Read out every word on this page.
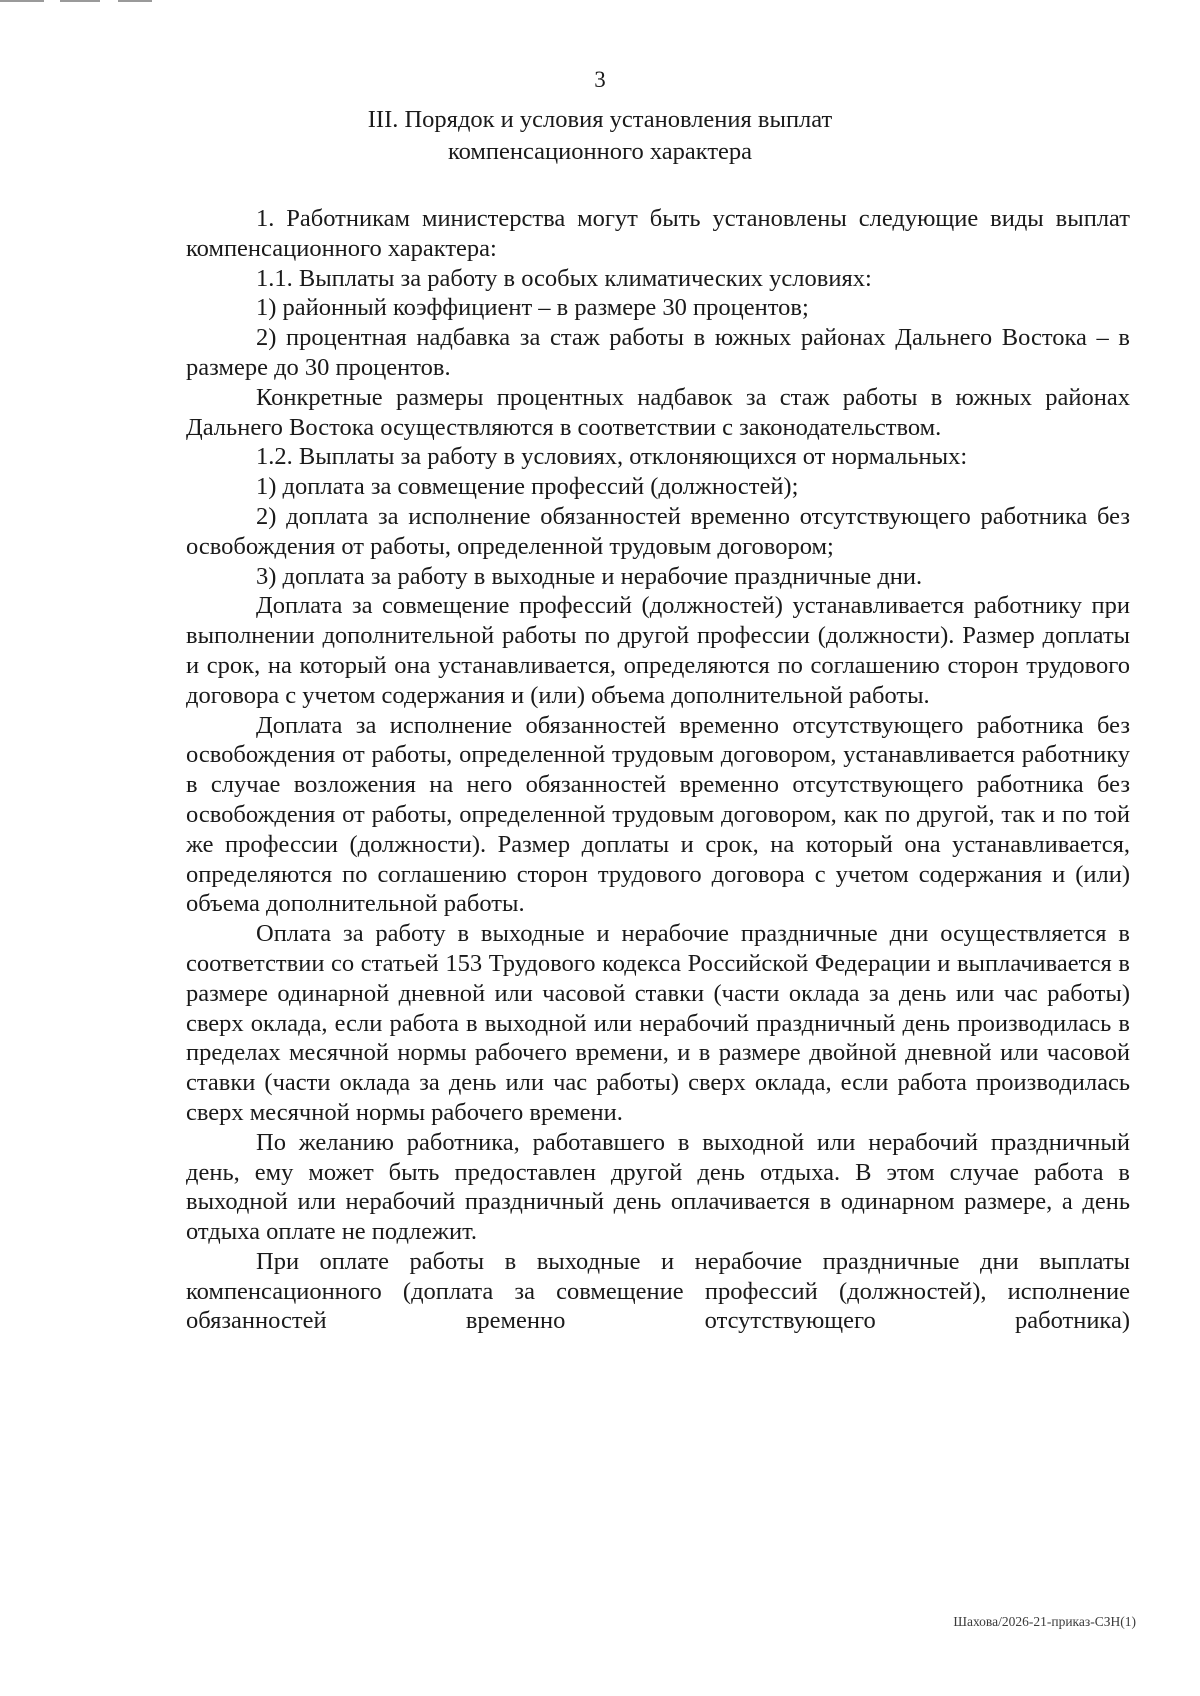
3
III. Порядок и условия установления выплат
компенсационного характера

1. Работникам министерства могут быть установлены следующие виды выплат компенсационного характера:

1.1. Выплаты за работу в особых климатических условиях:

1) районный коэффициент – в размере 30 процентов;

2) процентная надбавка за стаж работы в южных районах Дальнего Востока – в размере до 30 процентов.

Конкретные размеры процентных надбавок за стаж работы в южных районах Дальнего Востока осуществляются в соответствии с законодательством.

1.2. Выплаты за работу в условиях, отклоняющихся от нормальных:

1) доплата за совмещение профессий (должностей);

2) доплата за исполнение обязанностей временно отсутствующего работника без освобождения от работы, определенной трудовым договором;

3) доплата за работу в выходные и нерабочие праздничные дни.

Доплата за совмещение профессий (должностей) устанавливается работнику при выполнении дополнительной работы по другой профессии (должности). Размер доплаты и срок, на который она устанавливается, определяются по соглашению сторон трудового договора с учетом содержания и (или) объема дополнительной работы.

Доплата за исполнение обязанностей временно отсутствующего работника без освобождения от работы, определенной трудовым договором, устанавливается работнику в случае возложения на него обязанностей временно отсутствующего работника без освобождения от работы, определенной трудовым договором, как по другой, так и по той же профессии (должности). Размер доплаты и срок, на который она устанавливается, определяются по соглашению сторон трудового договора с учетом содержания и (или) объема дополнительной работы.

Оплата за работу в выходные и нерабочие праздничные дни осуществляется в соответствии со статьей 153 Трудового кодекса Российской Федерации и выплачивается в размере одинарной дневной или часовой ставки (части оклада за день или час работы) сверх оклада, если работа в выходной или нерабочий праздничный день производилась в пределах месячной нормы рабочего времени, и в размере двойной дневной или часовой ставки (части оклада за день или час работы) сверх оклада, если работа производилась сверх месячной нормы рабочего времени.

По желанию работника, работавшего в выходной или нерабочий праздничный день, ему может быть предоставлен другой день отдыха. В этом случае работа в выходной или нерабочий праздничный день оплачивается в одинарном размере, а день отдыха оплате не подлежит.

При оплате работы в выходные и нерабочие праздничные дни выплаты компенсационного (доплата за совмещение профессий (должностей), исполнение обязанностей временно отсутствующего работника)

Шахова/2026-21-приказ-СЗН(1)
